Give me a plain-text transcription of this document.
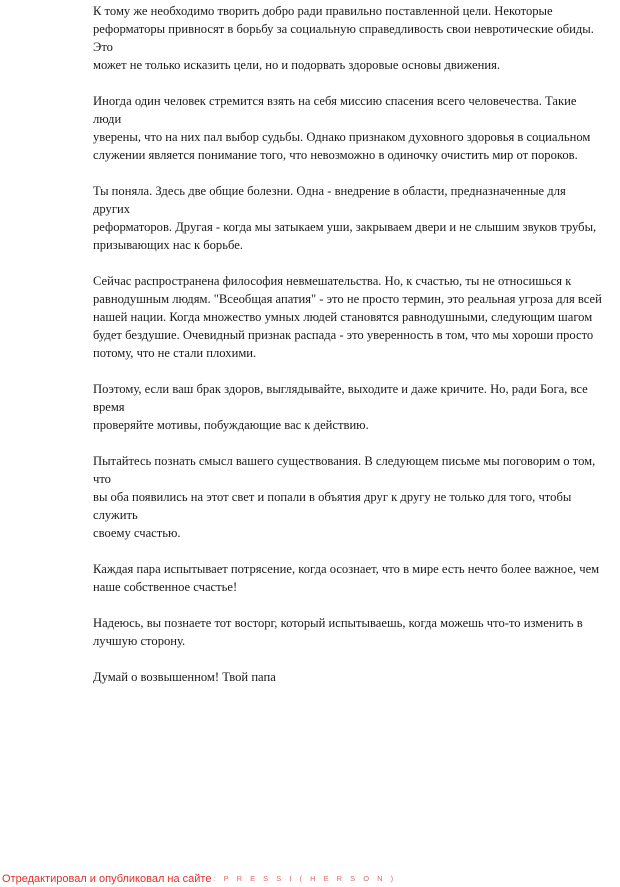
К тому же необходимо творить добро ради правильно поставленной цели. Некоторые
реформаторы привносят в борьбу за социальную справедливость свои невротические обиды. Это
может не только исказить цели, но и подорвать здоровые основы движения.

Иногда один человек стремится взять на себя миссию спасения всего человечества. Такие люди
уверены, что на них пал выбор судьбы. Однако признаком духовного здоровья в социальном
служении является понимание того, что невозможно в одиночку очистить мир от пороков.

Ты поняла. Здесь две общие болезни. Одна - внедрение в области, предназначенные для других
реформаторов. Другая - когда мы затыкаем уши, закрываем двери и не слышим звуков трубы,
призывающих нас к борьбе.

Сейчас распространена философия невмешательства. Но, к счастью, ты не относишься к
равнодушным людям. "Всеобщая апатия" - это не просто термин, это реальная угроза для всей
нашей нации. Когда множество умных людей становятся равнодушными, следующим шагом
будет бездушие. Очевидный признак распада - это уверенность в том, что мы хороши просто
потому, что не стали плохими.

Поэтому, если ваш брак здоров, выглядывайте, выходите и даже кричите. Но, ради Бога, все время
проверяйте мотивы, побуждающие вас к действию.

Пытайтесь познать смысл вашего существования. В следующем письме мы поговорим о том, что
вы оба появились на этот свет и попали в объятия друг к другу не только для того, чтобы служить
своему счастью.

Каждая пара испытывает потрясение, когда осознает, что в мире есть нечто более важное, чем
наше собственное счастье!

Надеюсь, вы познаете тот восторг, который испытываешь, когда можешь что-то изменить в
лучшую сторону.

Думай о возвышенном! Твой папа

Отредактировал и опубликовал на сайте : P R E S S I ( H E R S O N )
